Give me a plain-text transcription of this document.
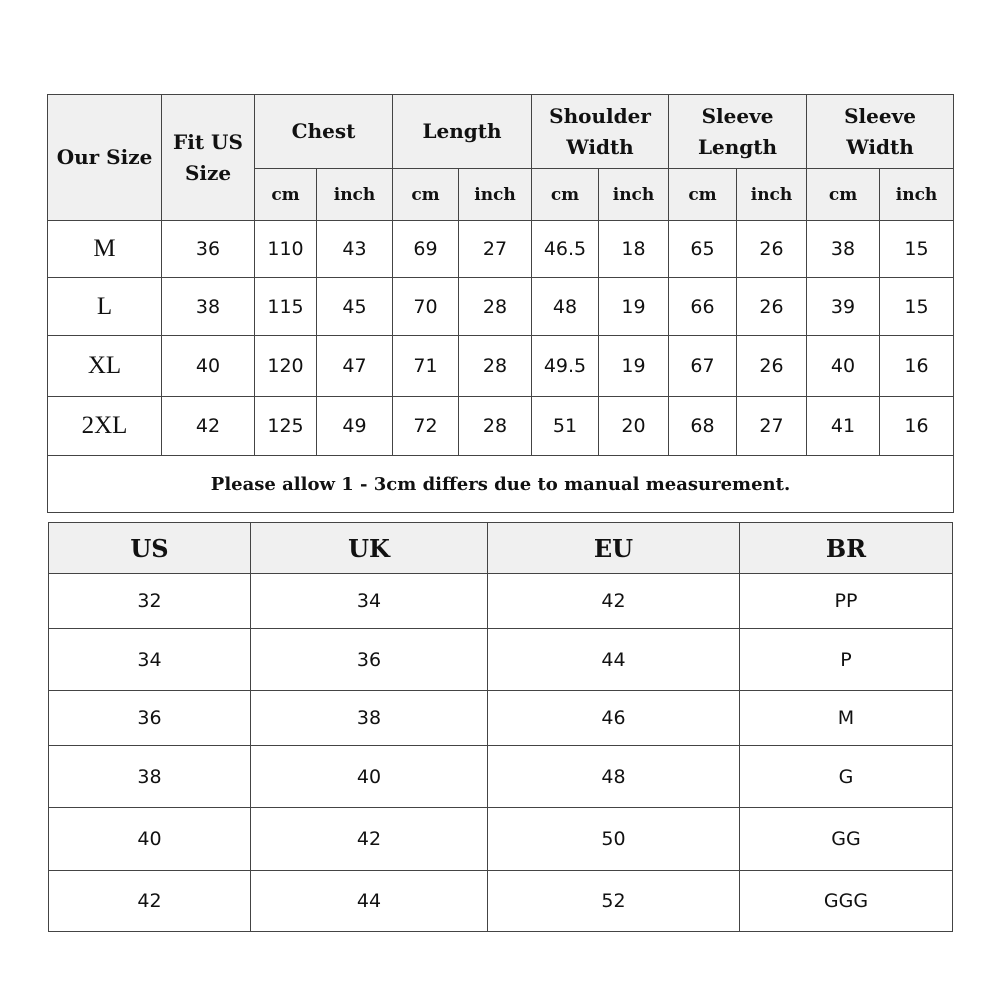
Our Size	Fit US Size	Chest		Length		Shoulder Width		Sleeve Length		Sleeve Width	
		cm	inch	cm	inch	cm	inch	cm	inch	cm	inch
M	36	110	43	69	27	46.5	18	65	26	38	15
L	38	115	45	70	28	48	19	66	26	39	15
XL	40	120	47	71	28	49.5	19	67	26	40	16
2XL	42	125	49	72	28	51	20	68	27	41	16
Please allow 1 - 3cm differs due to manual measurement.											
US	UK	EU	BR
32	34	42	PP
34	36	44	P
36	38	46	M
38	40	48	G
40	42	50	GG
42	44	52	GGG
